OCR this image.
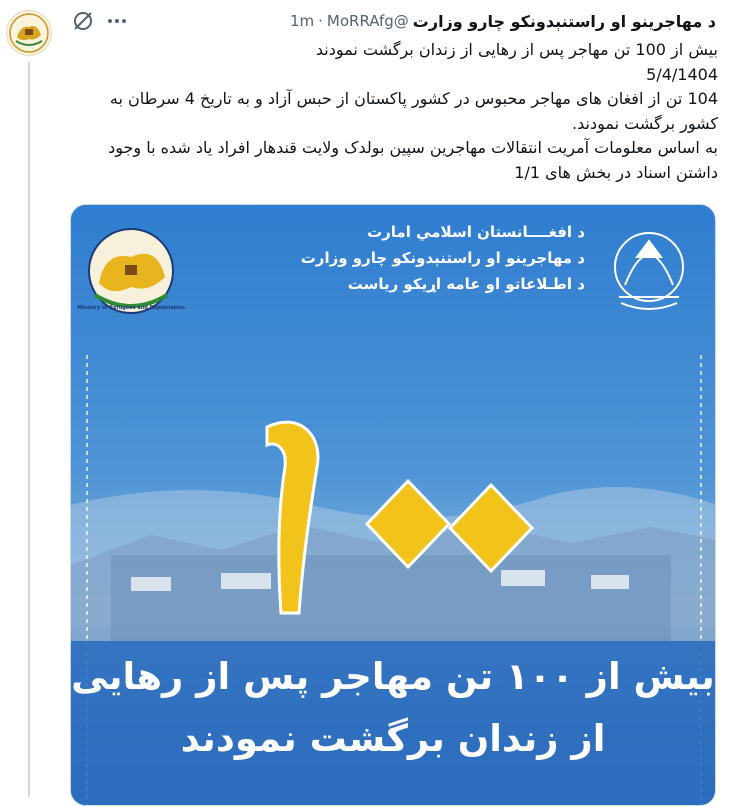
د مهاجرينو او راستنېدونکو چارو وزارت
@MoRRAfg
·
1m

بیش از 100 تن مهاجر پس از رهایی از زندان برگشت نمودند

5/4/1404

104 تن از افغان های مهاجر محبوس در کشور پاکستان از حبس آزاد و به تاریخ 4 سرطان به کشور برگشت نمودند.

به اساس معلومات آمریت انتقالات مهاجرین سپین بولدک ولایت قندهار افراد یاد شده با وجود داشتن اسناد در بخش های 1/1

Ministry of Refugees and Repatriation
د افغــــانستان اسلامي امارت
د مهاجرينو او راستنېدونکو چارو وزارت
د اطـلاعاتو او عامه اړيکو رياست
بیش از ۱۰۰ تن مهاجر پس از رهایی
از زندان برگشت نمودند
